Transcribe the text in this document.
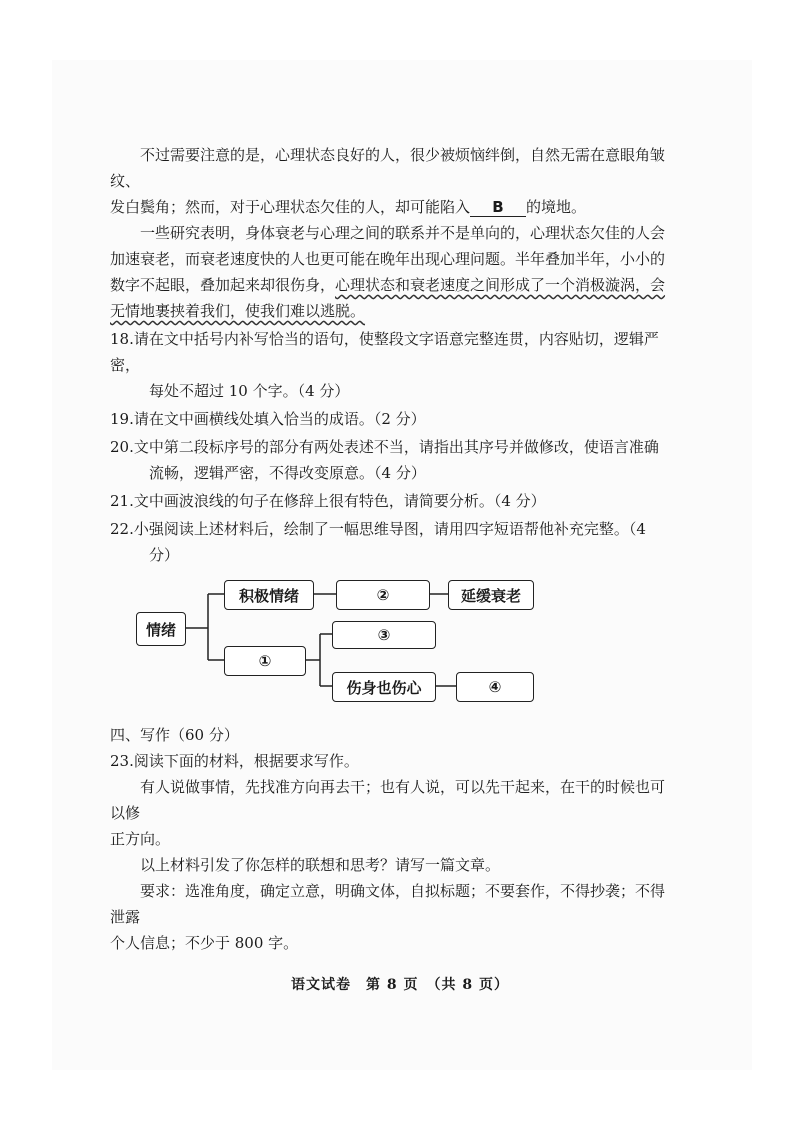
不过需要注意的是，心理状态良好的人，很少被烦恼绊倒，自然无需在意眼角皱纹、

发白鬓角；然而，对于心理状态欠佳的人，却可能陷入 B 的境地。

一些研究表明，身体衰老与心理之间的联系并不是单向的，心理状态欠佳的人会加速衰老，而衰老速度快的人也更可能在晚年出现心理问题。半年叠加半年，小小的数字不起眼，叠加起来却很伤身，心理状态和衰老速度之间形成了一个消极漩涡，会无情地裹挟着我们，使我们难以逃脱。

18.请在文中括号内补写恰当的语句，使整段文字语意完整连贯，内容贴切，逻辑严密，

每处不超过 10 个字。（4 分）

19.请在文中画横线处填入恰当的成语。（2 分）

20.文中第二段标序号的部分有两处表述不当，请指出其序号并做修改，使语言准确

流畅，逻辑严密，不得改变原意。（4 分）

21.文中画波浪线的句子在修辞上很有特色，请简要分析。（4 分）

22.小强阅读上述材料后，绘制了一幅思维导图，请用四字短语帮他补充完整。（4

分）

情绪
积极情绪	②	延缓衰老
①
③
伤身也伤心	④

四、写作（60 分）

23.阅读下面的材料，根据要求写作。

有人说做事情，先找准方向再去干；也有人说，可以先干起来，在干的时候也可以修

正方向。

以上材料引发了你怎样的联想和思考？请写一篇文章。

要求：选准角度，确定立意，明确文体，自拟标题；不要套作，不得抄袭；不得泄露

个人信息；不少于 800 字。

语文试卷　第 8 页　（共 8 页）
